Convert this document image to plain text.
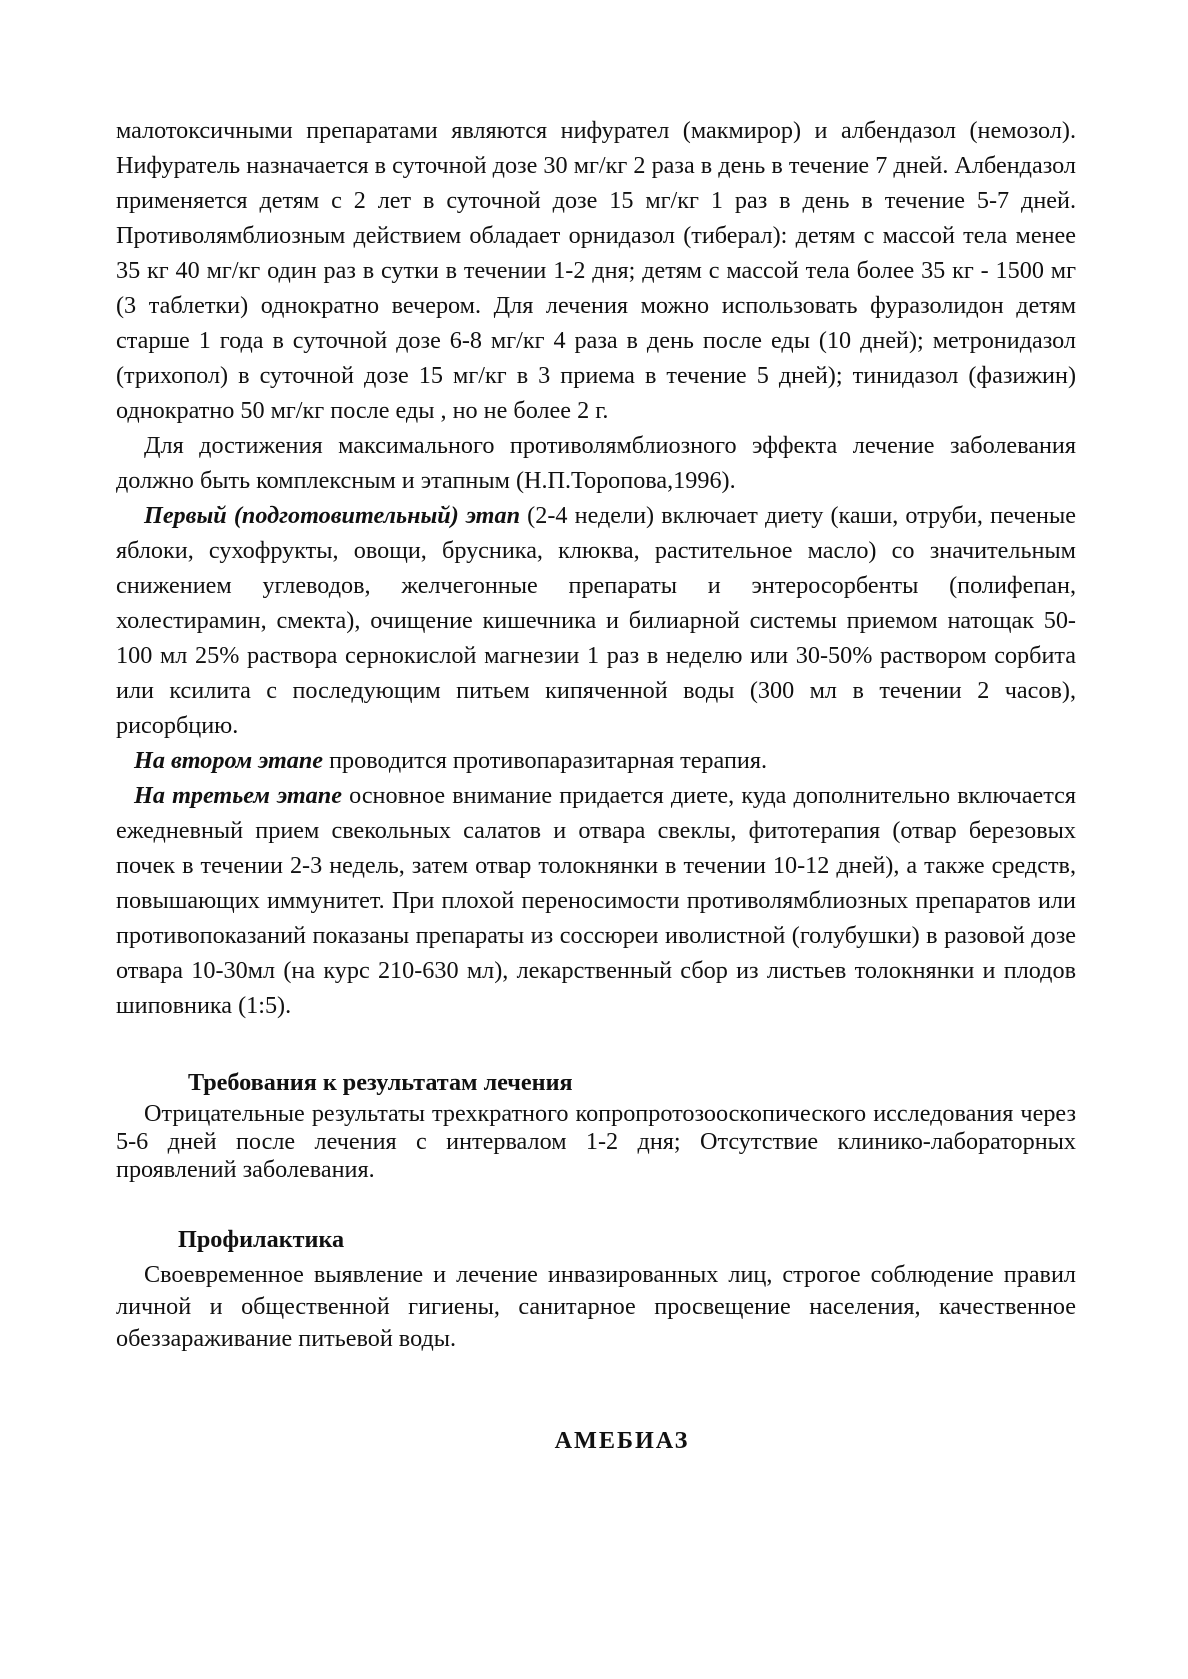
малотоксичными препаратами являются нифурател (макмирор) и албендазол (немозол). Нифуратель назначается в суточной дозе 30 мг/кг 2 раза в день в течение 7 дней. Албендазол применяется детям с 2 лет в суточной дозе 15 мг/кг 1 раз в день в течение 5-7 дней. Противолямблиозным действием обладает орнидазол (тиберал): детям с массой тела менее 35 кг 40 мг/кг один раз в сутки в течении 1-2 дня; детям с массой тела более 35 кг - 1500 мг (3 таблетки) однократно вечером. Для лечения можно использовать фуразолидон детям старше 1 года в суточной дозе 6-8 мг/кг 4 раза в день после еды (10 дней); метронидазол (трихопол) в суточной дозе 15 мг/кг в 3 приема в течение 5 дней); тинидазол (фазижин) однократно 50 мг/кг после еды , но не более 2 г.

Для достижения максимального противолямблиозного эффекта лечение заболевания должно быть комплексным и этапным (Н.П.Торопова,1996).

Первый (подготовительный) этап (2-4 недели) включает диету (каши, отруби, печеные яблоки, сухофрукты, овощи, брусника, клюква, растительное масло) со значительным снижением углеводов, желчегонные препараты и энтеросорбенты (полифепан, холестирамин, смекта), очищение кишечника и билиарной системы приемом натощак 50-100 мл 25% раствора сернокислой магнезии 1 раз в неделю или 30-50% раствором сорбита или ксилита с последующим питьем кипяченной воды (300 мл в течении 2 часов), рисорбцию.

На втором этапе проводится противопаразитарная терапия.

На третьем этапе основное внимание придается диете, куда дополнительно включается ежедневный прием свекольных салатов и отвара свеклы, фитотерапия (отвар березовых почек в течении 2-3 недель, затем отвар толокнянки в течении 10-12 дней), а также средств, повышающих иммунитет. При плохой переносимости противолямблиозных препаратов или противопоказаний показаны препараты из соссюреи иволистной (голубушки) в разовой дозе отвара 10-30мл (на курс 210-630 мл), лекарственный сбор из листьев толокнянки и плодов шиповника (1:5).

Требования к результатам лечения

Отрицательные результаты трехкратного копропротозооскопического исследования через 5-6 дней после лечения с интервалом 1-2 дня; Отсутствие клинико-лабораторных проявлений заболевания.

Профилактика

Своевременное выявление и лечение инвазированных лиц, строгое соблюдение правил личной и общественной гигиены, санитарное просвещение населения, качественное обеззараживание питьевой воды.

АМЕБИАЗ
